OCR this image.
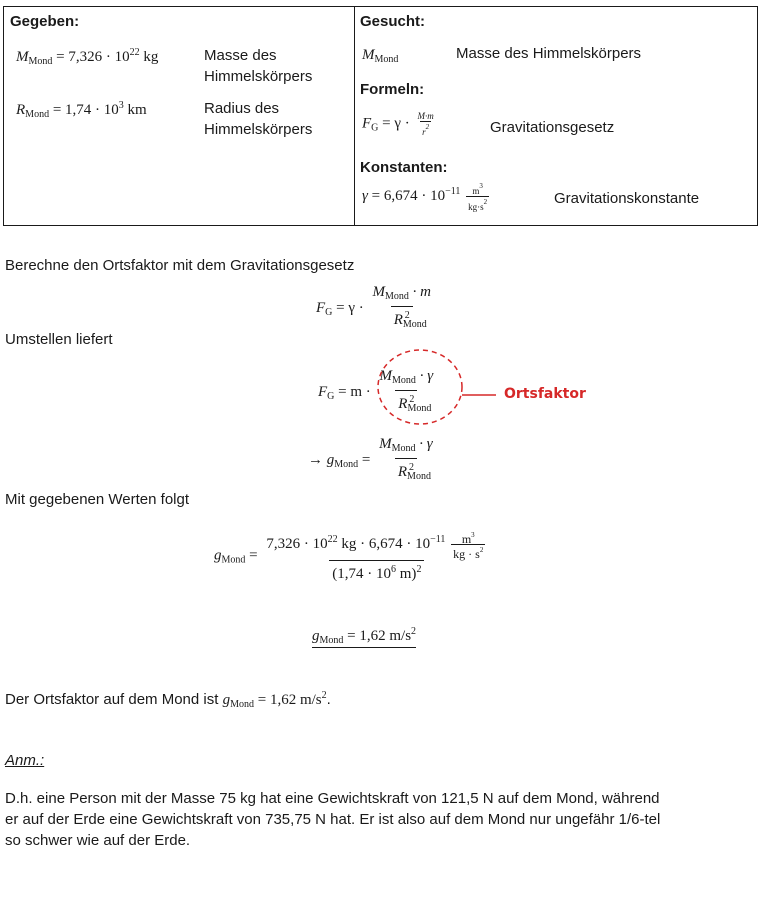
Gegeben:
$M_{Mond} = 7,326 \cdot 10^{22}$ kg	Masse des
Himmelskörpers
$R_{Mond} = 1,74 \cdot 10^3$ km	Radius des
Himmelskörpers
Gesucht:
$M_{Mond}$	Masse des Himmelskörpers
Formeln:
$F_G = \gamma \cdot \frac{M\cdot m}{r^2}$	Gravitationsgesetz
Konstanten:
$\gamma = 6,674 \cdot 10^{-11} \frac{m^3}{kg\cdot s^2}$	Gravitationskonstante
Berechne den Ortsfaktor mit dem Gravitationsgesetz
$F_G = \gamma \cdot \frac{M_{Mond} \cdot m}{R_{Mond}^2}$
Umstellen liefert
$F_G = m \cdot \frac{M_{Mond} \cdot \gamma}{R_{Mond}^2}$	Ortsfaktor
→ $g_{Mond} = \frac{M_{Mond} \cdot \gamma}{R_{Mond}^2}$
Mit gegebenen Werten folgt
$g_{Mond} = \frac{7,326 \cdot 10^{22} kg \cdot 6,674 \cdot 10^{-11} \frac{m^3}{kg \cdot s^2}}{(1,74 \cdot 10^6 m)^2}$
$g_{Mond} = 1,62$ $m/s^2$
Der Ortsfaktor auf dem Mond ist $g_{Mond} = 1,62$ $m/s^2$.
Anm.:
D.h. eine Person mit der Masse 75 kg hat eine Gewichtskraft von 121,5 N auf dem Mond, während
er auf der Erde eine Gewichtskraft von 735,75 N hat. Er ist also auf dem Mond nur ungefähr 1/6-tel
so schwer wie auf der Erde.
